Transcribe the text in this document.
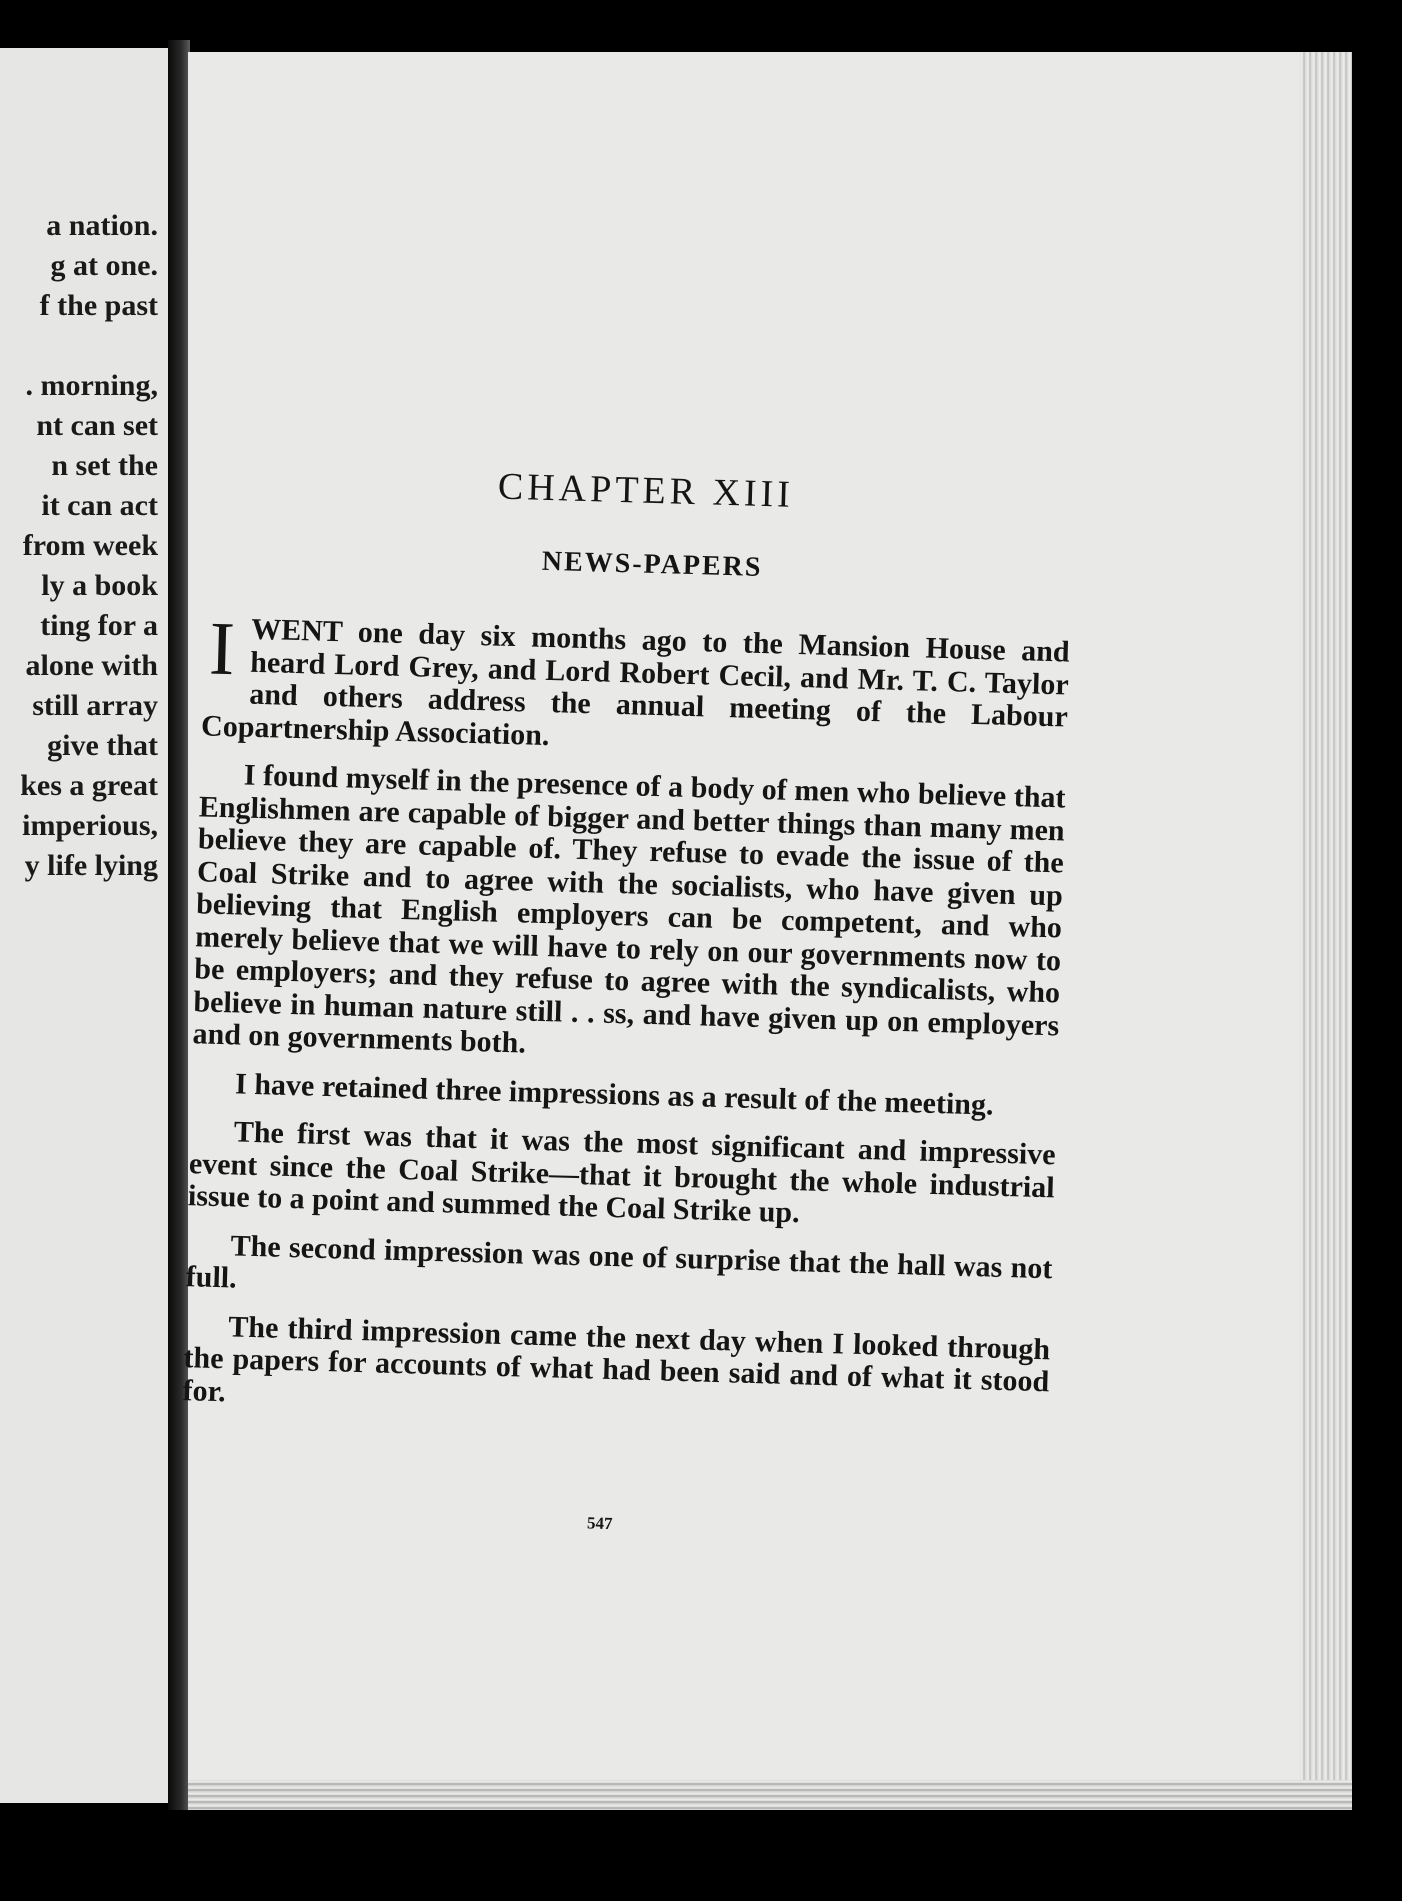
a nation.
g at one.
f the past
. morning,
nt can set
n set the
it can act
from week
ly a book
ting for a
alone with
still array
give that
kes a great
imperious,
y life lying
CHAPTER XIII
NEWS-PAPERS

IWENT one day six months ago to the Mansion House and heard Lord Grey, and Lord Robert Cecil, and Mr. T. C. Taylor and others address the annual meeting of the Labour Copartnership Association.

I found myself in the presence of a body of men who believe that Englishmen are capable of bigger and better things than many men believe they are capable of. They refuse to evade the issue of the Coal Strike and to agree with the socialists, who have given up believing that English employers can be competent, and who merely believe that we will have to rely on our governments now to be employers; and they refuse to agree with the syndicalists, who believe in human nature still . . ss, and have given up on employers and on governments both.

I have retained three impressions as a result of the meeting.

The first was that it was the most significant and impressive event since the Coal Strike—that it brought the whole industrial issue to a point and summed the Coal Strike up.

The second impression was one of surprise that the hall was not full.

The third impression came the next day when I looked through the papers for accounts of what had been said and of what it stood for.

547
